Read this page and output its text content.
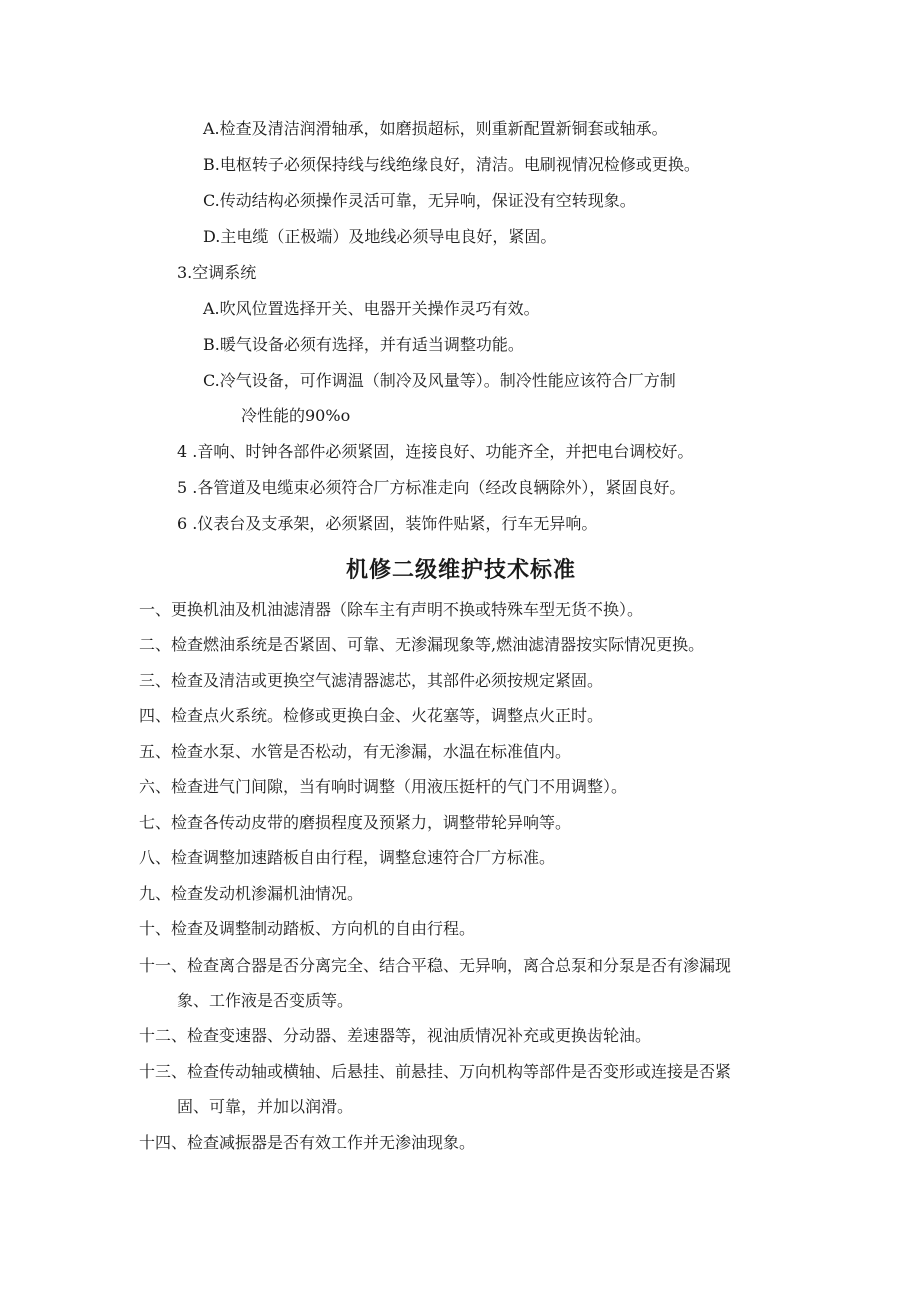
A.检查及清洁润滑轴承，如磨损超标，则重新配置新铜套或轴承。
B.电枢转子必须保持线与线绝缘良好，清洁。电刷视情况检修或更换。
C.传动结构必须操作灵活可靠，无异响，保证没有空转现象。
D.主电缆（正极端）及地线必须导电良好，紧固。
3.空调系统
A.吹风位置选择开关、电器开关操作灵巧有效。
B.暖气设备必须有选择，并有适当调整功能。
C.冷气设备，可作调温（制冷及风量等）。制冷性能应该符合厂方制
冷性能的90%o
4 .音响、时钟各部件必须紧固，连接良好、功能齐全，并把电台调校好。
5 .各管道及电缆束必须符合厂方标准走向（经改良辆除外），紧固良好。
6 .仪表台及支承架，必须紧固，装饰件贴紧，行车无异响。
机修二级维护技术标准
一、更换机油及机油滤清器（除车主有声明不换或特殊车型无货不换）。
二、检查燃油系统是否紧固、可靠、无渗漏现象等,燃油滤清器按实际情况更换。
三、检查及清洁或更换空气滤清器滤芯，其部件必须按规定紧固。
四、检查点火系统。检修或更换白金、火花塞等，调整点火正时。
五、检查水泵、水管是否松动，有无渗漏，水温在标准值内。
六、检查进气门间隙，当有响时调整（用液压挺杆的气门不用调整）。
七、检查各传动皮带的磨损程度及预紧力，调整带轮异响等。
八、检查调整加速踏板自由行程，调整怠速符合厂方标准。
九、检查发动机渗漏机油情况。
十、检查及调整制动踏板、方向机的自由行程。
十一、检查离合器是否分离完全、结合平稳、无异响，离合总泵和分泵是否有渗漏现
象、工作液是否变质等。
十二、检查变速器、分动器、差速器等，视油质情况补充或更换齿轮油。
十三、检查传动轴或横轴、后悬挂、前悬挂、万向机构等部件是否变形或连接是否紧
固、可靠，并加以润滑。
十四、检查减振器是否有效工作并无渗油现象。
